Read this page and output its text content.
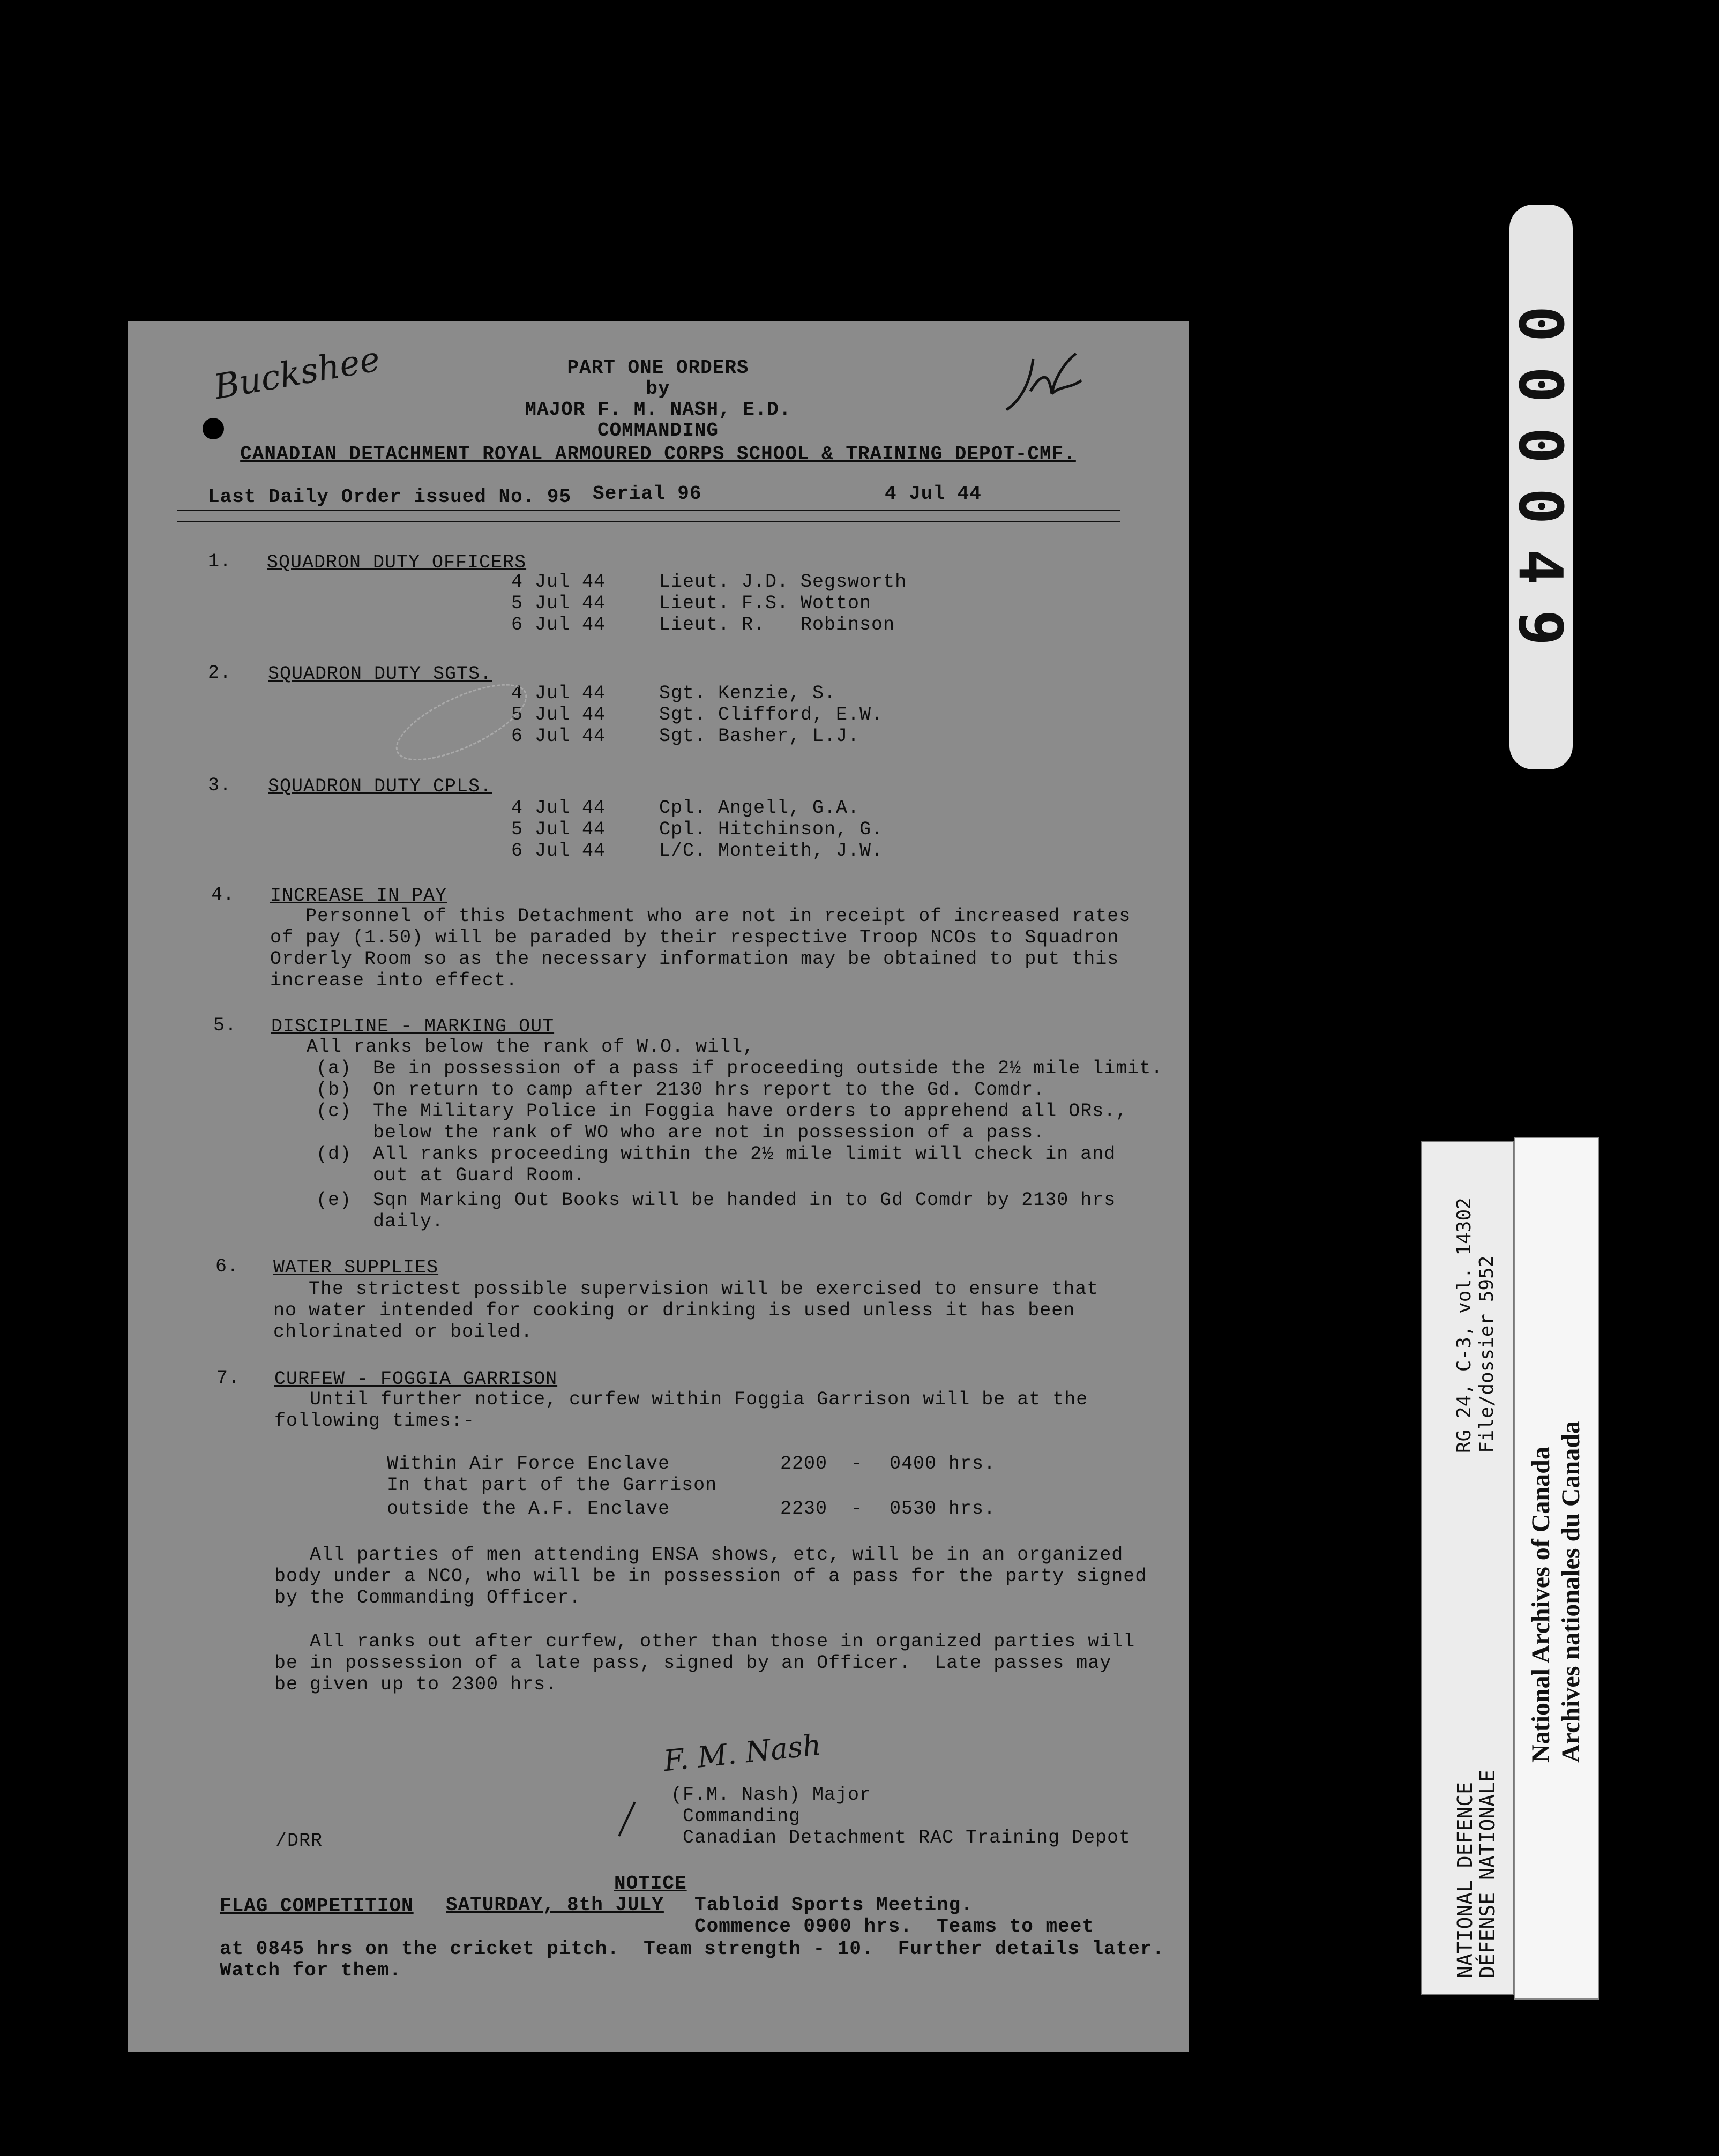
Buckshee	PART ONE ORDERS
by
MAJOR F. M. NASH, E.D.
COMMANDING
CANADIAN DETACHMENT ROYAL ARMOURED CORPS SCHOOL & TRAINING DEPOT-CMF.
Last Daily Order issued No. 95 Serial 96	4 Jul 44
1. SQUADRON DUTY OFFICERS
4 Jul 44	Lieut. J.D. Segsworth
5 Jul 44	Lieut. F.S. Wotton
6 Jul 44	Lieut. R.   Robinson
2. SQUADRON DUTY SGTS.
4 Jul 44	Sgt. Kenzie, S.
5 Jul 44	Sgt. Clifford, E.W.
6 Jul 44	Sgt. Basher, L.J.
3. SQUADRON DUTY CPLS.
4 Jul 44	Cpl. Angell, G.A.
5 Jul 44	Cpl. Hitchinson, G.
6 Jul 44	L/C. Monteith, J.W.
4. INCREASE IN PAY
Personnel of this Detachment who are not in receipt of increased rates
of pay (1.50) will be paraded by their respective Troop NCOs to Squadron
Orderly Room so as the necessary information may be obtained to put this
increase into effect.
5. DISCIPLINE - MARKING OUT
All ranks below the rank of W.O. will,
(a) Be in possession of a pass if proceeding outside the 2½ mile limit.
(b) On return to camp after 2130 hrs report to the Gd. Comdr.
(c) The Military Police in Foggia have orders to apprehend all ORs.,
below the rank of WO who are not in possession of a pass.
(d) All ranks proceeding within the 2½ mile limit will check in and
out at Guard Room.
(e) Sqn Marking Out Books will be handed in to Gd Comdr by 2130 hrs
daily.
6. WATER SUPPLIES
The strictest possible supervision will be exercised to ensure that
no water intended for cooking or drinking is used unless it has been
chlorinated or boiled.
7. CURFEW - FOGGIA GARRISON
Until further notice, curfew within Foggia Garrison will be at the
following times:-
Within Air Force Enclave	2200 - 0400 hrs.
In that part of the Garrison
outside the A.F. Enclave	2230 - 0530 hrs.
All parties of men attending ENSA shows, etc, will be in an organized
body under a NCO, who will be in possession of a pass for the party signed
by the Commanding Officer.
All ranks out after curfew, other than those in organized parties will
be in possession of a late pass, signed by an Officer.  Late passes may
be given up to 2300 hrs.
F. M. Nash
(F.M. Nash) Major
Commanding
Canadian Detachment RAC Training Depot
/DRR
NOTICE
FLAG COMPETITION SATURDAY, 8th JULY Tabloid Sports Meeting.
Commence 0900 hrs.  Teams to meet
at 0845 hrs on the cricket pitch.  Team strength - 10.  Further details later.
Watch for them.
000049
NATIONAL DEFENCE
DÉFENSE NATIONALE
RG 24, C-3, vol. 14302 File/dossier 5952
National Archives of Canada Archives nationales du Canada
